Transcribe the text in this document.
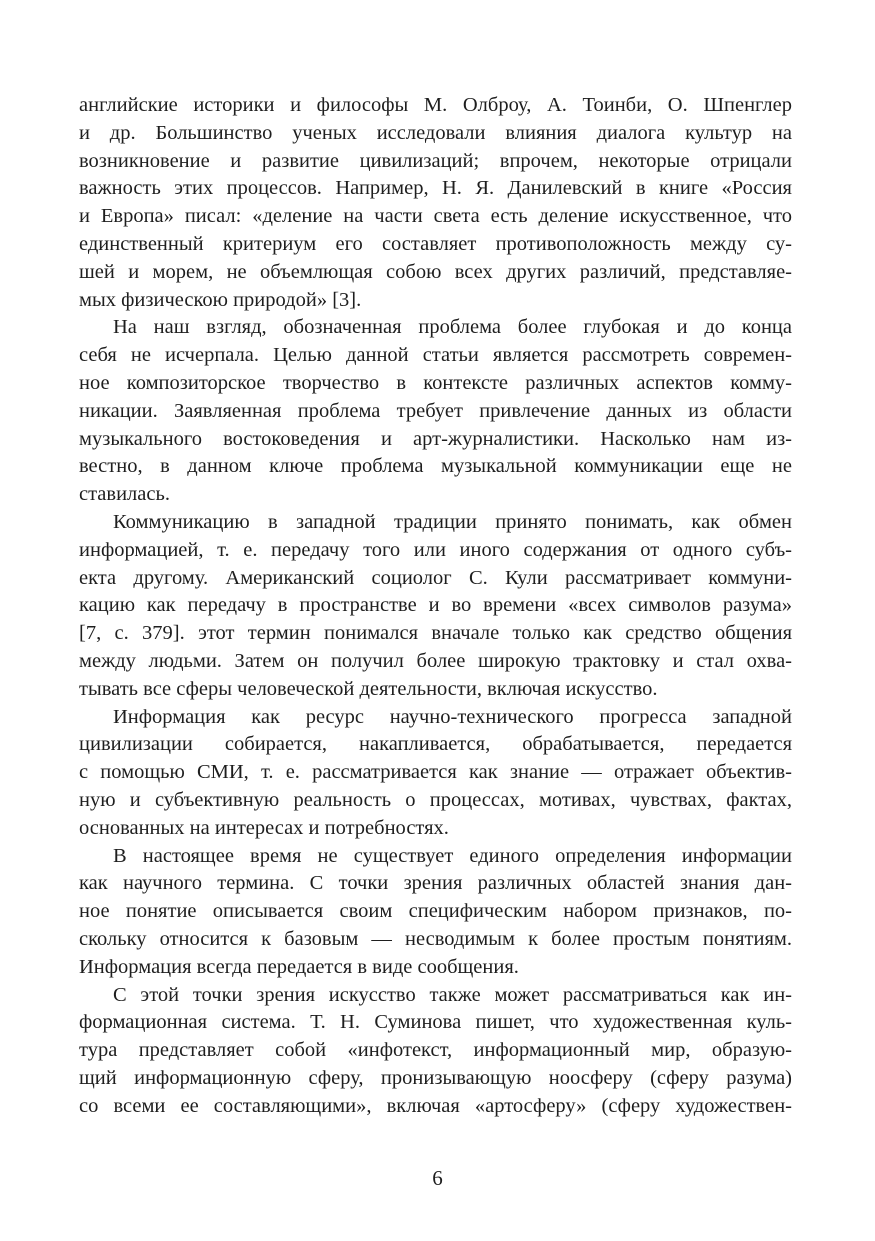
английские историки и философы М. Олброу, А. Тоинби, О. Шпенглер
и др. Большинство ученых исследовали влияния диалога культур на
возникновение и развитие цивилизаций; впрочем, некоторые отрицали
важность этих процессов. Например, Н. Я. Данилевский в книге «Россия
и Европа» писал: «деление на части света есть деление искусственное, что
единственный критериум его составляет противоположность между су-
шей и морем, не объемлющая собою всех других различий, представляе-
мых физическою природой» [3].
На наш взгляд, обозначенная проблема более глубокая и до конца
себя не исчерпала. Целью данной статьи является рассмотреть современ-
ное композиторское творчество в контексте различных аспектов комму-
никации. Заявляенная проблема требует привлечение данных из области
музыкального востоковедения и арт-журналистики. Насколько нам из-
вестно, в данном ключе проблема музыкальной коммуникации еще не
ставилась.
Коммуникацию в западной традиции принято понимать, как обмен
информацией, т. е. передачу того или иного содержания от одного субъ-
екта другому. Американский социолог С. Кули рассматривает коммуни-
кацию как передачу в пространстве и во времени «всех символов разума»
[7, с. 379]. этот термин понимался вначале только как средство общения
между людьми. Затем он получил более широкую трактовку и стал охва-
тывать все сферы человеческой деятельности, включая искусство.
Информация как ресурс научно-технического прогресса западной
цивилизации собирается, накапливается, обрабатывается, передается
с помощью СМИ, т. е. рассматривается как знание — отражает объектив-
ную и субъективную реальность о процессах, мотивах, чувствах, фактах,
основанных на интересах и потребностях.
В настоящее время не существует единого определения информации
как научного термина. С точки зрения различных областей знания дан-
ное понятие описывается своим специфическим набором признаков, по-
скольку относится к базовым — несводимым к более простым понятиям.
Информация всегда передается в виде сообщения.
С этой точки зрения искусство также может рассматриваться как ин-
формационная система. Т. Н. Суминова пишет, что художественная куль-
тура представляет собой «инфотекст, информационный мир, образую-
щий информационную сферу, пронизывающую ноосферу (сферу разума)
со всеми ее составляющими», включая «артосферу» (сферу художествен-
6
